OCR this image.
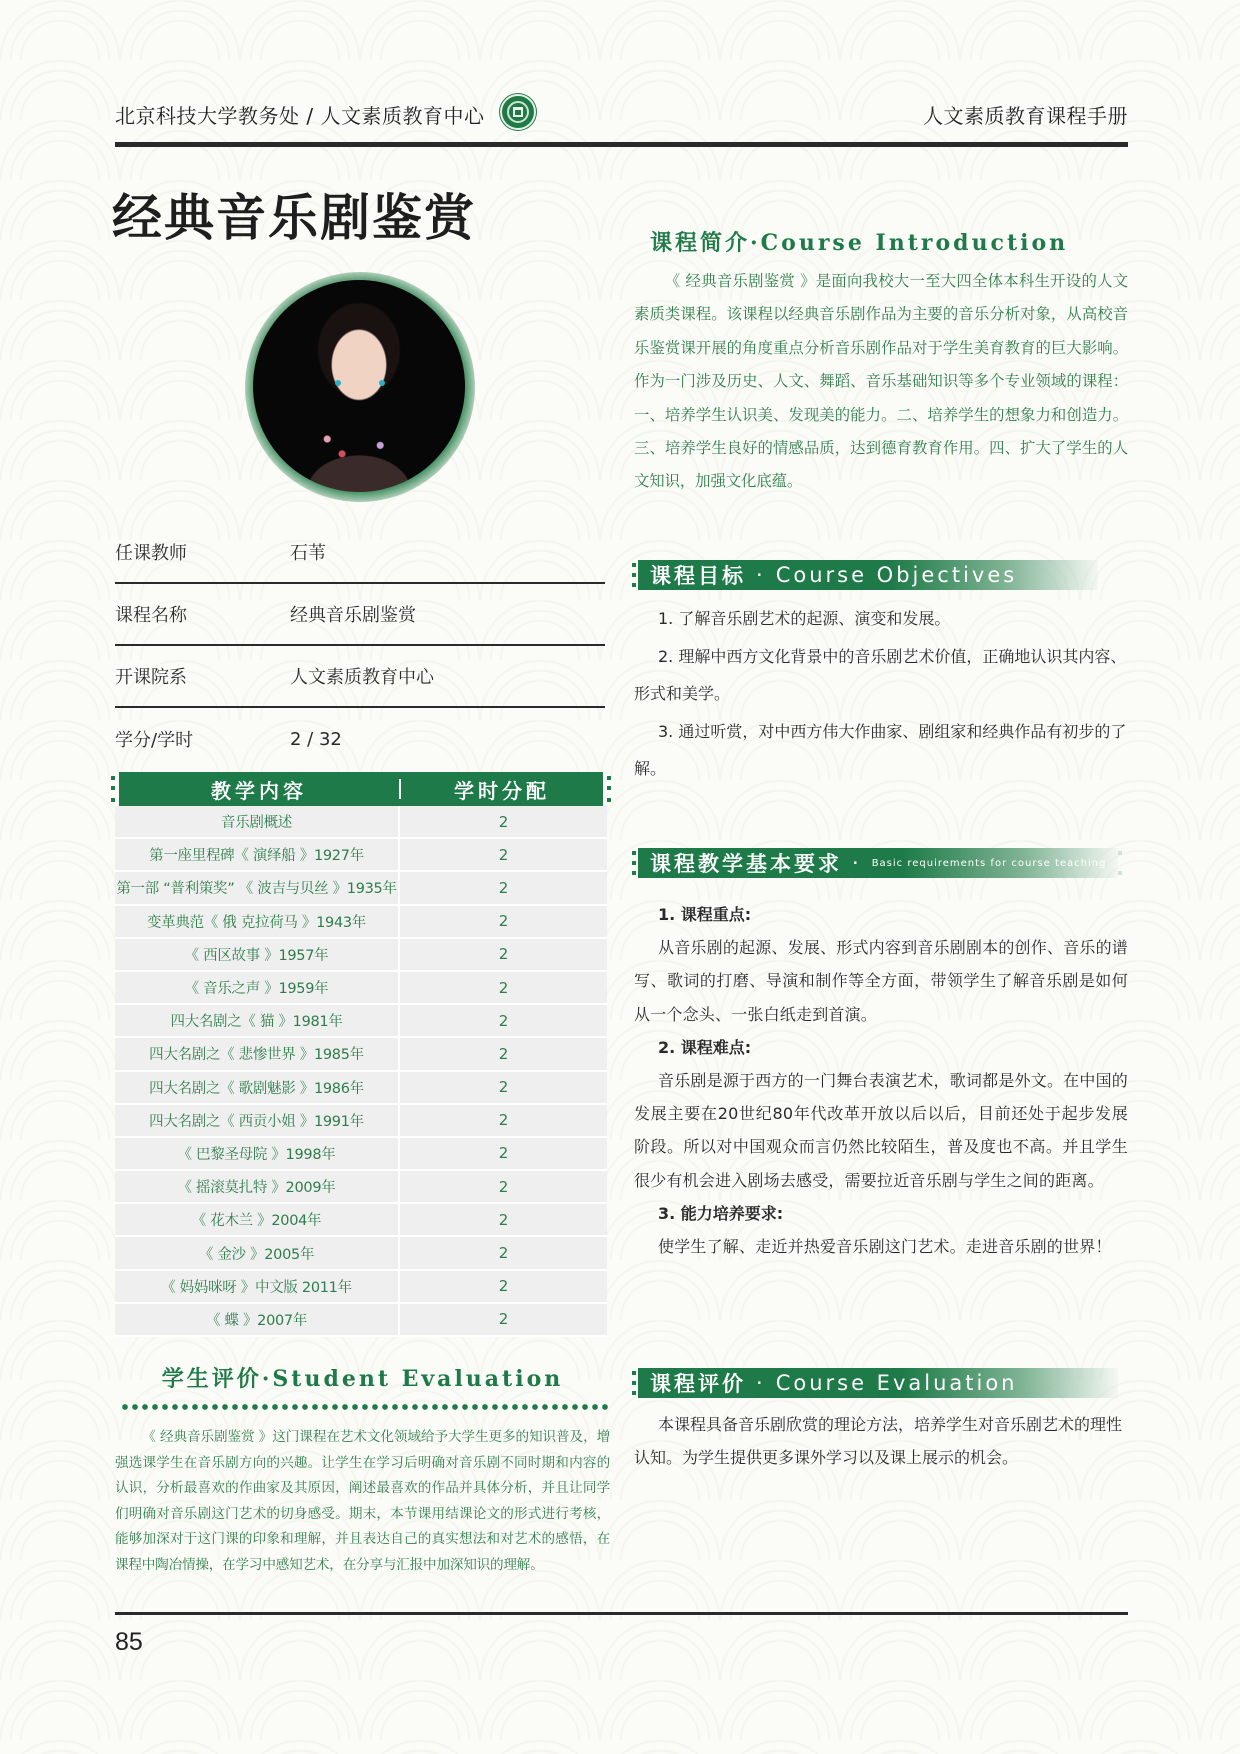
北京科技大学教务处 / 人文素质教育中心	人文素质教育课程手册
经典音乐剧鉴赏
任课教师	石苇
课程名称	经典音乐剧鉴赏
开课院系	人文素质教育中心
学分/学时	2 / 32
教学内容	学时分配
音乐剧概述	2
第一座里程碑《 演绎船 》1927年	2
第一部 “普利策奖” 《 波吉与贝丝 》1935年	2
变革典范《 俄 克拉荷马 》1943年	2
《 西区故事 》1957年	2
《 音乐之声 》1959年	2
四大名剧之《 猫 》1981年	2
四大名剧之《 悲惨世界 》1985年	2
四大名剧之《 歌剧魅影 》1986年	2
四大名剧之《 西贡小姐 》1991年	2
《 巴黎圣母院 》1998年	2
《 摇滚莫扎特 》2009年	2
《 花木兰 》2004年	2
《 金沙 》2005年	2
《 妈妈咪呀 》中文版 2011年	2
《 蝶 》2007年	2
学生评价·Student Evaluation
《 经典音乐剧鉴赏 》这门课程在艺术文化领域给予大学生更多的知识普及，增强选课学生在音乐剧方向的兴趣。让学生在学习后明确对音乐剧不同时期和内容的认识，分析最喜欢的作曲家及其原因，阐述最喜欢的作品并具体分析，并且让同学们明确对音乐剧这门艺术的切身感受。期末，本节课用结课论文的形式进行考核，能够加深对于这门课的印象和理解，并且表达自己的真实想法和对艺术的感悟，在课程中陶冶情操，在学习中感知艺术，在分享与汇报中加深知识的理解。
课程简介·Course Introduction
《 经典音乐剧鉴赏 》是面向我校大一至大四全体本科生开设的人文素质类课程。该课程以经典音乐剧作品为主要的音乐分析对象，从高校音乐鉴赏课开展的角度重点分析音乐剧作品对于学生美育教育的巨大影响。作为一门涉及历史、人文、舞蹈、音乐基础知识等多个专业领域的课程：一、培养学生认识美、发现美的能力。二、培养学生的想象力和创造力。三、培养学生良好的情感品质，达到德育教育作用。四、扩大了学生的人文知识，加强文化底蕴。
课程目标 · Course Objectives

1. 了解音乐剧艺术的起源、演变和发展。

2. 理解中西方文化背景中的音乐剧艺术价值，正确地认识其内容、形式和美学。

3. 通过听赏，对中西方伟大作曲家、剧组家和经典作品有初步的了解。

课程教学基本要求 · Basic requirements for course teaching

1. 课程重点:

从音乐剧的起源、发展、形式内容到音乐剧剧本的创作、音乐的谱写、歌词的打磨、导演和制作等全方面，带领学生了解音乐剧是如何从一个念头、一张白纸走到首演。

2. 课程难点:

音乐剧是源于西方的一门舞台表演艺术，歌词都是外文。在中国的发展主要在20世纪80年代改革开放以后以后，目前还处于起步发展阶段。所以对中国观众而言仍然比较陌生，普及度也不高。并且学生很少有机会进入剧场去感受，需要拉近音乐剧与学生之间的距离。

3. 能力培养要求:

使学生了解、走近并热爱音乐剧这门艺术。走进音乐剧的世界！

课程评价 · Course Evaluation
本课程具备音乐剧欣赏的理论方法，培养学生对音乐剧艺术的理性认知。为学生提供更多课外学习以及课上展示的机会。
85
